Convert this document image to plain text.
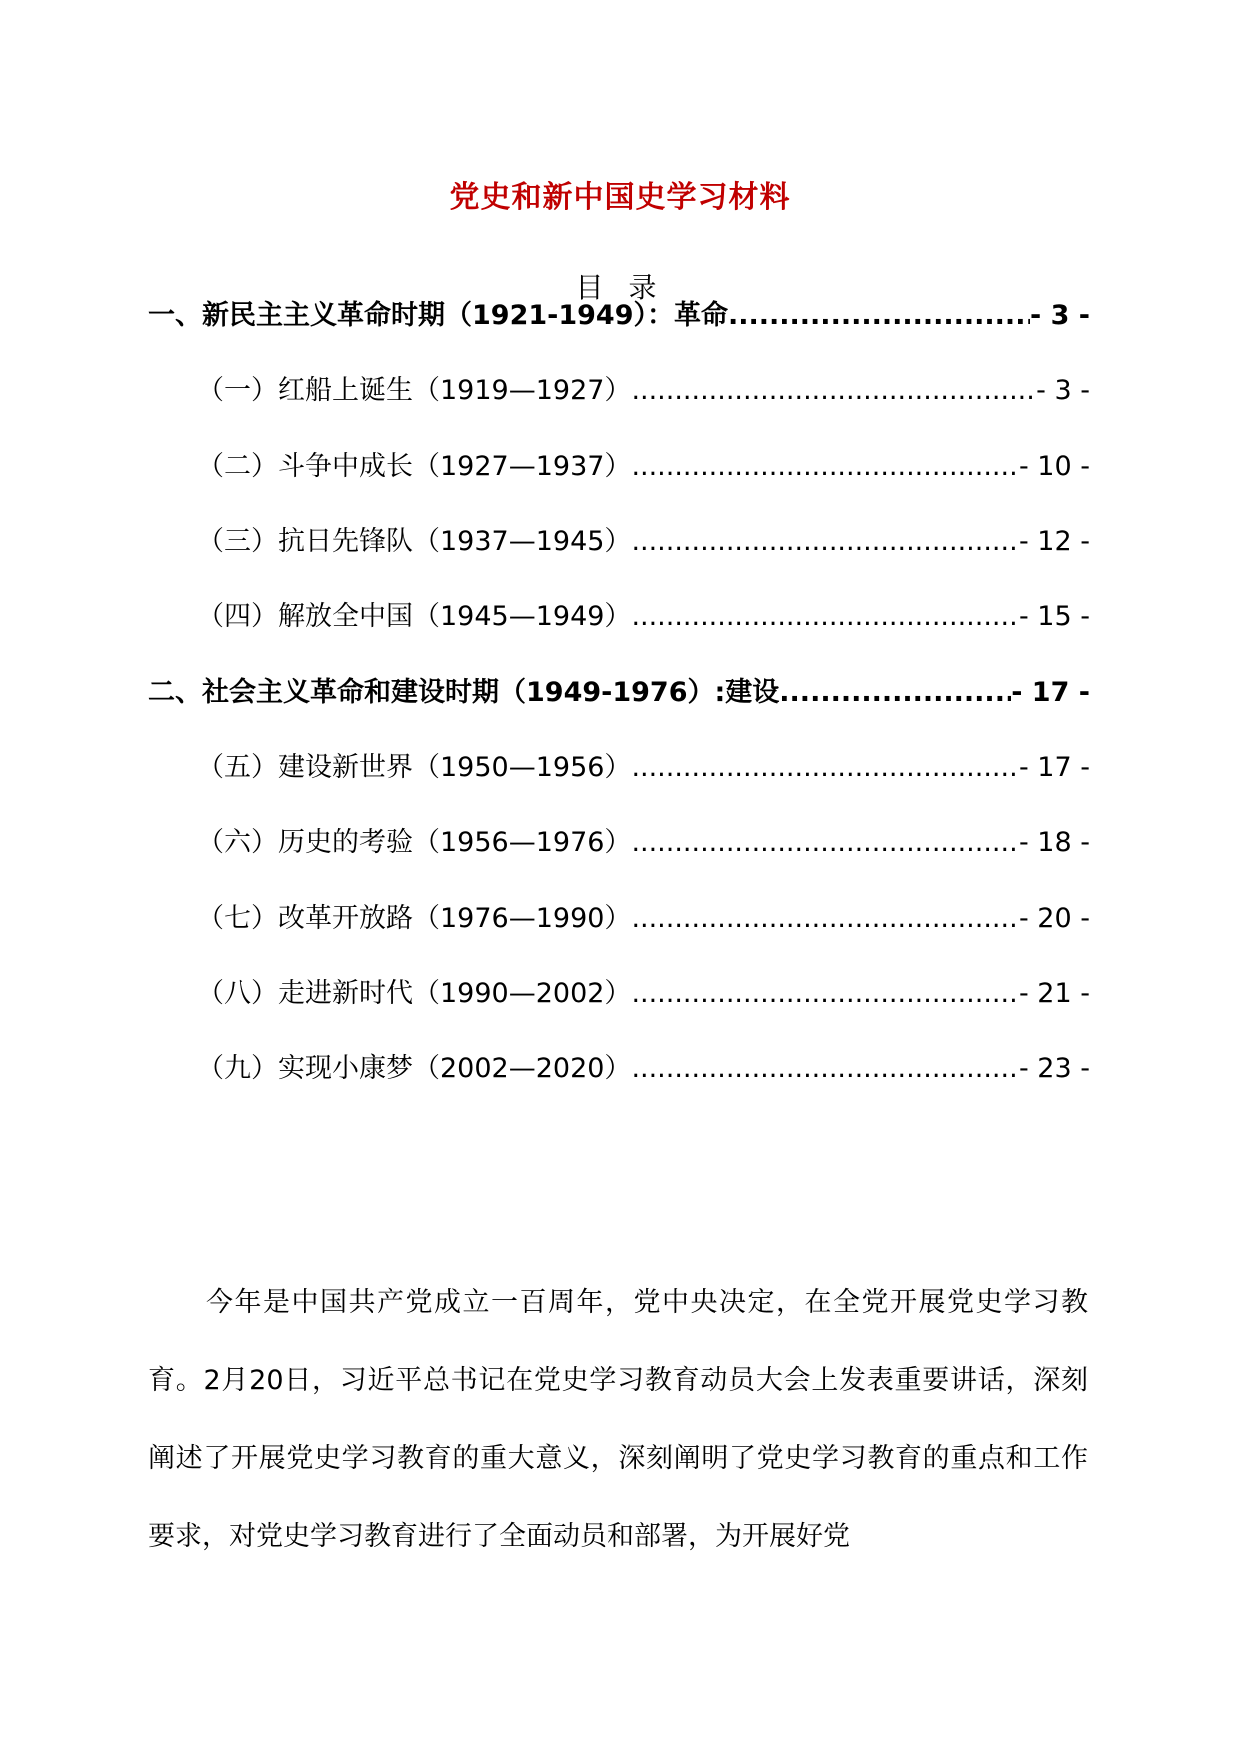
党史和新中国史学习材料
目 录
一、新民主主义革命时期（1921-1949）：革命 .....	- 3 -
（一）红船上诞生（1919—1927） .....	- 3 -
（二）斗争中成长（1927—1937） .....	- 10 -
（三）抗日先锋队（1937—1945） .....	- 12 -
（四）解放全中国（1945—1949） .....	- 15 -
二、社会主义革命和建设时期（1949-1976）:建设 .....	- 17 -
（五）建设新世界（1950—1956） .....	- 17 -
（六）历史的考验（1956—1976） .....	- 18 -
（七）改革开放路（1976—1990） .....	- 20 -
（八）走进新时代（1990—2002） .....	- 21 -
（九）实现小康梦（2002—2020） .....	- 23 -

今年是中国共产党成立一百周年，党中央决定，在全党开展党史学习教育。2月20日，习近平总书记在党史学习教育动员大会上发表重要讲话，深刻阐述了开展党史学习教育的重大意义，深刻阐明了党史学习教育的重点和工作要求，对党史学习教育进行了全面动员和部署，为开展好党
